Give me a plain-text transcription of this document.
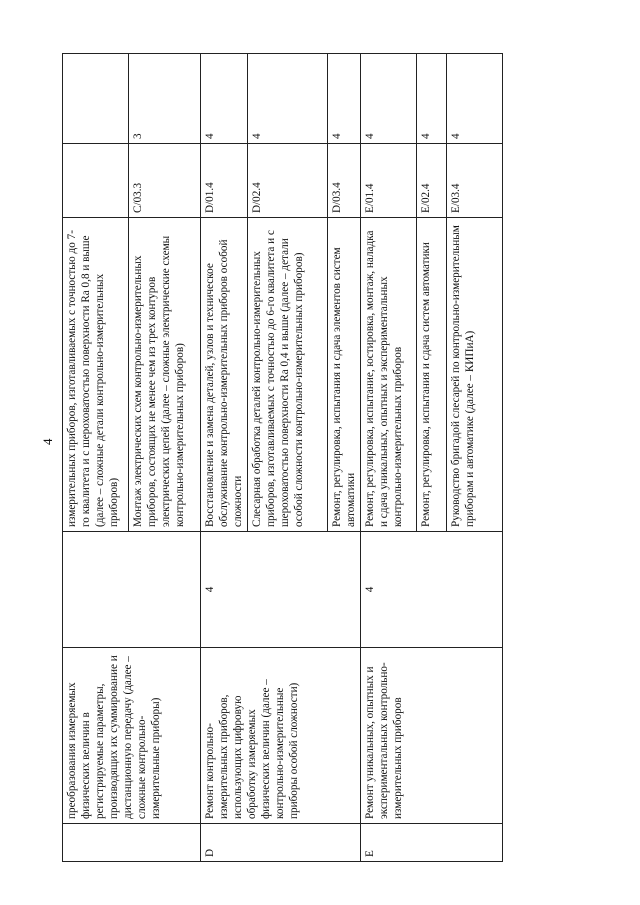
4
	преобразования измеряемых физических величин в регистрируемые параметры, производящих их суммирование и дистанционную передачу (далее – сложные контрольно-измерительные приборы)		измерительных приборов, изготавливаемых с точностью до 7-го квалитета и с шероховатостью поверхности Ra 0,8 и выше (далее – сложные детали контрольно-измерительных приборов)		
			Монтаж электрических схем контрольно-измерительных приборов, состоящих не менее чем из трех контуров электрических цепей (далее – сложные электрические схемы контрольно-измерительных приборов)	C/03.3	3
D	Ремонт контрольно-измерительных приборов, использующих цифровую обработку измеряемых физических величин (далее – контрольно-измерительные приборы особой сложности)	4	Восстановление и замена деталей, узлов и техническое обслуживание контрольно-измерительных приборов особой сложности	D/01.4	4
			Слесарная обработка деталей контрольно-измерительных приборов, изготавливаемых с точностью до 6-го квалитета и с шероховатостью поверхности Ra 0,4 и выше (далее – детали особой сложности контрольно-измерительных приборов)	D/02.4	4
			Ремонт, регулировка, испытания и сдача элементов систем автоматики	D/03.4	4
E	Ремонт уникальных, опытных и экспериментальных контрольно-измерительных приборов	4	Ремонт, регулировка, испытание, юстировка, монтаж, наладка и сдача уникальных, опытных и экспериментальных контрольно-измерительных приборов	E/01.4	4
			Ремонт, регулировка, испытания и сдача систем автоматики	E/02.4	4
			Руководство бригадой слесарей по контрольно-измерительным приборам и автоматике (далее – КИПиА)	E/03.4	4
